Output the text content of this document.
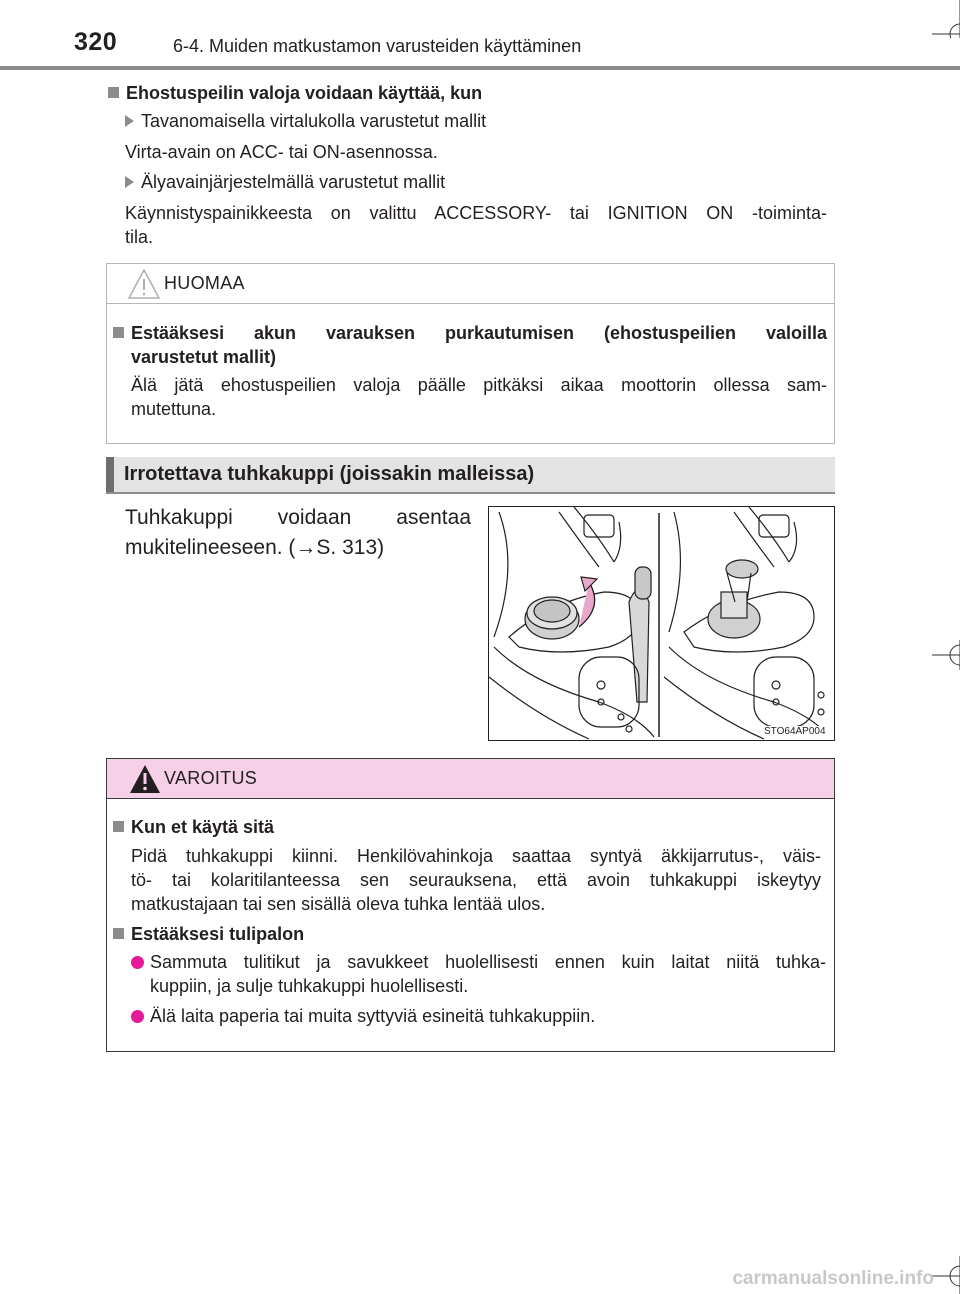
320	6-4. Muiden matkustamon varusteiden käyttäminen
Ehostuspeilin valoja voidaan käyttää, kun
Tavanomaisella virtalukolla varustetut mallit
Virta-avain on ACC- tai ON-asennossa.
Älyavainjärjestelmällä varustetut mallit
Käynnistyspainikkeesta on valittu ACCESSORY- tai IGNITION ON -toiminta-
tila.
HUOMAA
Estääksesi akun varauksen purkautumisen (ehostuspeilien valoilla
varustetut mallit)
Älä jätä ehostuspeilien valoja päälle pitkäksi aikaa moottorin ollessa sam-
mutettuna.
Irrotettava tuhkakuppi (joissakin malleissa)
Tuhkakuppi voidaan asentaa
mukitelineeseen. (→S. 313)
STO64AP004
VAROITUS
Kun et käytä sitä
Pidä tuhkakuppi kiinni. Henkilövahinkoja saattaa syntyä äkkijarrutus-, väis-
tö- tai kolaritilanteessa sen seurauksena, että avoin tuhkakuppi iskeytyy
matkustajaan tai sen sisällä oleva tuhka lentää ulos.
Estääksesi tulipalon
Sammuta tulitikut ja savukkeet huolellisesti ennen kuin laitat niitä tuhka-
kuppiin, ja sulje tuhkakuppi huolellisesti.
Älä laita paperia tai muita syttyviä esineitä tuhkakuppiin.
carmanualsonline.info
